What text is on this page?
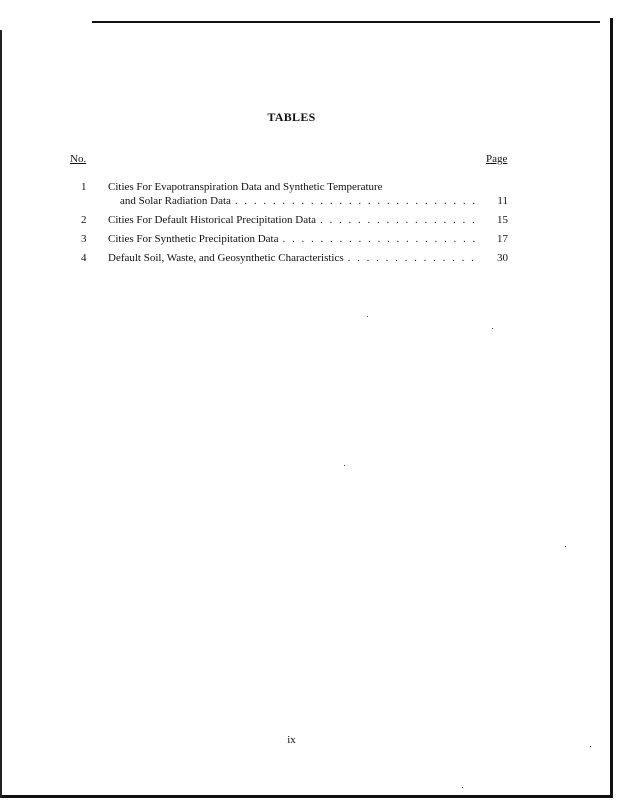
TABLES
No.	Page
1 Cities For Evapotranspiration Data and Synthetic Temperature
and Solar Radiation Data . . .	11
2 Cities For Default Historical Precipitation Data . . .	15
3 Cities For Synthetic Precipitation Data . . .	17
4 Default Soil, Waste, and Geosynthetic Characteristics . . .	30
ix
